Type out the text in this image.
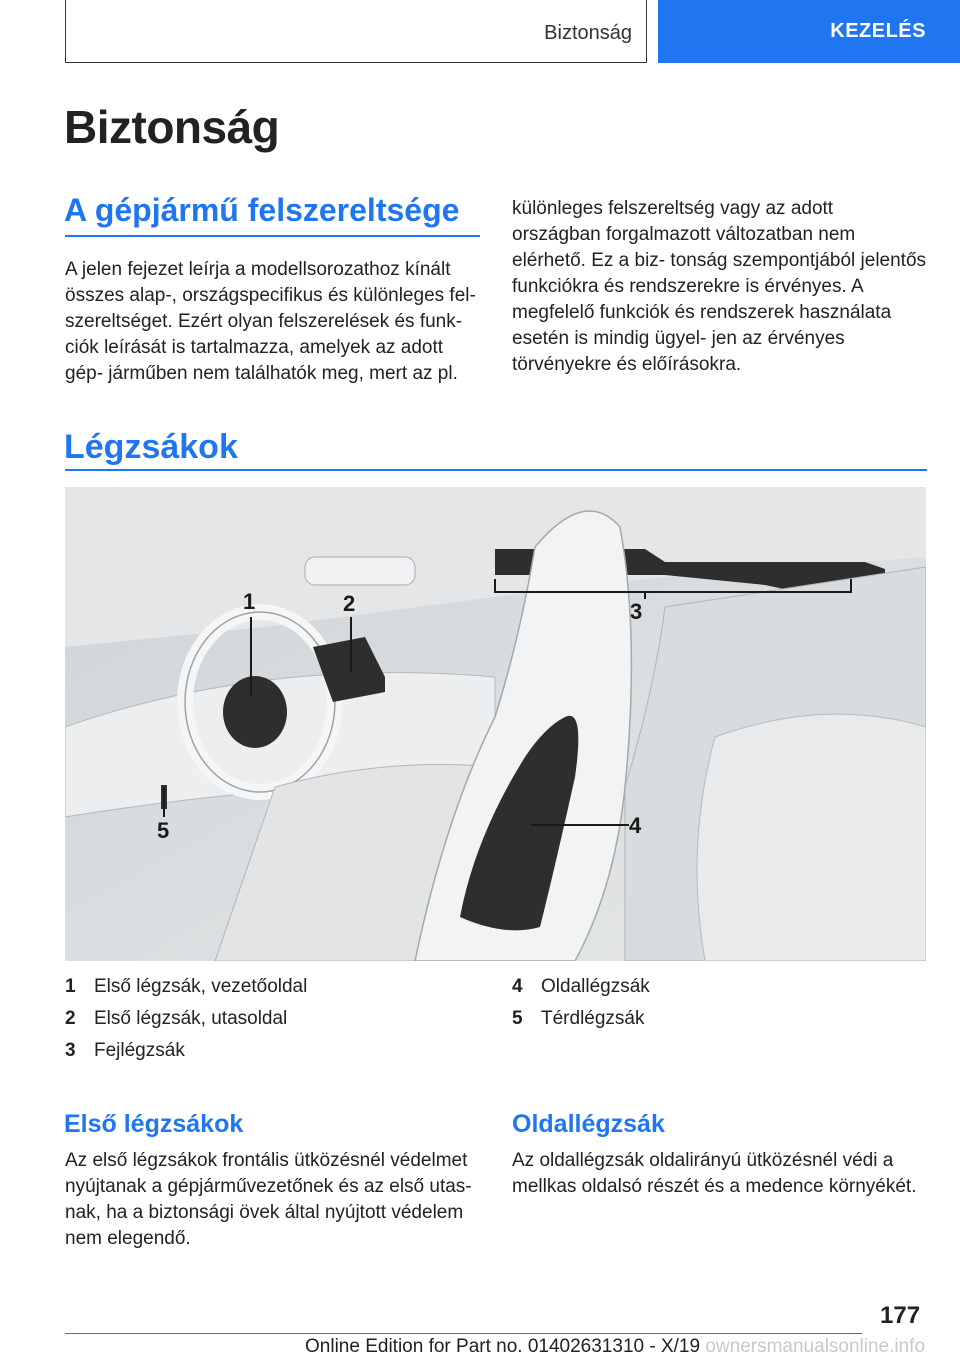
Biztonság	KEZELÉS
Biztonság
A gépjármű felszereltsége

A jelen fejezet leírja a modellsorozathoz kínált összes alap-, országspecifikus és különleges fel- szereltséget. Ezért olyan felszerelések és funk- ciók leírását is tartalmazza, amelyek az adott gép- járműben nem találhatók meg, mert az pl.

különleges felszereltség vagy az adott országban forgalmazott változatban nem elérhető. Ez a biz- tonság szempontjából jelentős funkciókra és rendszerekre is érvényes. A megfelelő funkciók és rendszerek használata esetén is mindig ügyel- jen az érvényes törvényekre és előírásokra.

Légzsákok
1	2	3
4
5
1 Első légzsák, vezetőoldal
2 Első légzsák, utasoldal
3 Fejlégzsák
4 Oldallégzsák
5 Térdlégzsák
Első légzsákok

Az első légzsákok frontális ütközésnél védelmet nyújtanak a gépjárművezetőnek és az első utas- nak, ha a biztonsági övek által nyújtott védelem nem elegendő.

Oldallégzsák

Az oldallégzsák oldalirányú ütközésnél védi a mellkas oldalsó részét és a medence környékét.

177
Online Edition for Part no. 01402631310 - X/19 ownersmanualsonline.info
